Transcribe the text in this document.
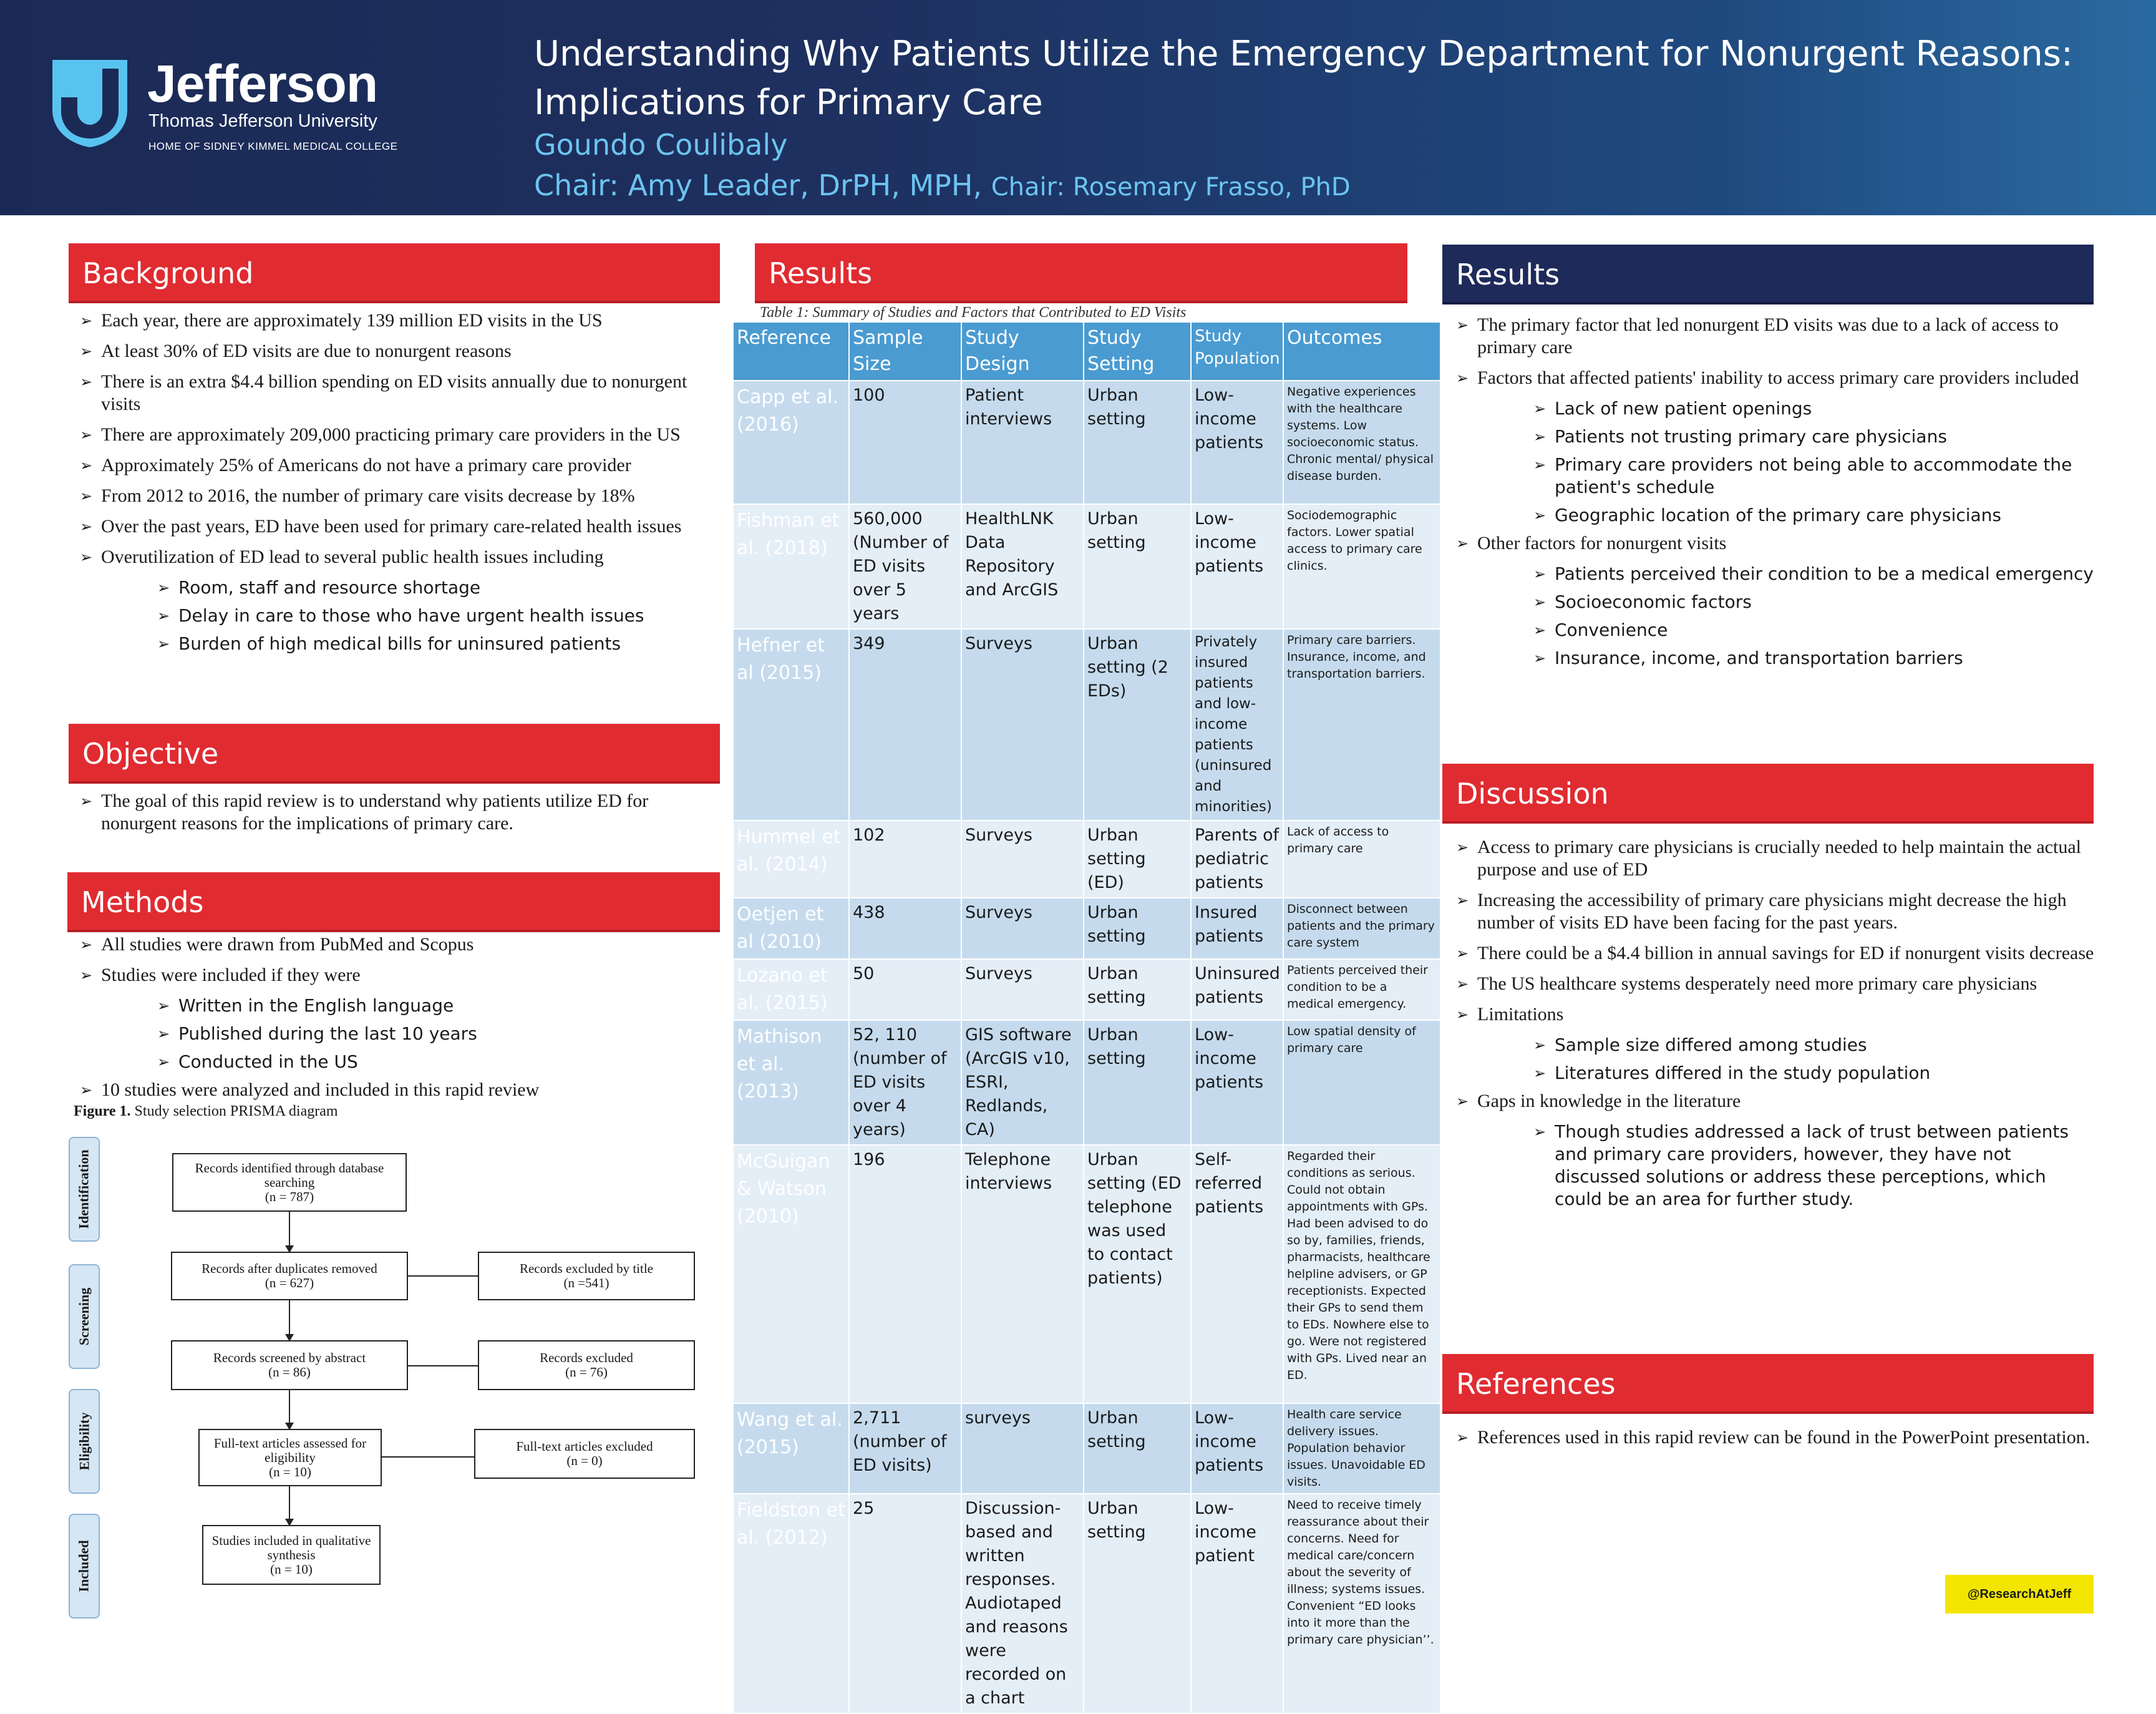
Jefferson
Thomas Jefferson University
HOME OF SIDNEY KIMMEL MEDICAL COLLEGE
Understanding Why Patients Utilize the Emergency Department for Nonurgent Reasons:
Implications for Primary Care
Goundo Coulibaly
Chair: Amy Leader, DrPH, MPH, Chair: Rosemary Frasso, PhD
Background
➢ Each year, there are approximately 139 million ED visits in the US
➢ At least 30% of ED visits are due to nonurgent reasons
➢ There is an extra $4.4 billion spending on ED visits annually due to nonurgent visits
➢ There are approximately 209,000 practicing primary care providers in the US
➢ Approximately 25% of Americans do not have a primary care provider
➢ From 2012 to 2016, the number of primary care visits decrease by 18%
➢ Over the past years, ED have been used for primary care-related health issues
➢ Overutilization of ED lead to several public health issues including
➢ Room, staff and resource shortage
➢ Delay in care to those who have urgent health issues
➢ Burden of high medical bills for uninsured patients
Objective
➢ The goal of this rapid review is to understand why patients utilize ED for nonurgent reasons for the implications of primary care.
Methods
➢ All studies were drawn from PubMed and Scopus
➢ Studies were included if they were
➢ Written in the English language
➢ Published during the last 10 years
➢ Conducted in the US
➢ 10 studies were analyzed and included in this rapid review
Figure 1. Study selection PRISMA diagram
Identification
Screening
Eligibility
Included
Records identified through database searching
(n = 787)
Records after duplicates removed
(n = 627)
Records excluded by title
(n =541)
Records screened by abstract
(n = 86)
Records excluded
(n = 76)
Full-text articles assessed for eligibility
(n = 10)
Full-text articles excluded
(n = 0)
Studies included in qualitative synthesis
(n = 10)
Results
Table 1: Summary of Studies and Factors that Contributed to ED Visits
Reference	Sample Size	Study Design	Study Setting	Study Population	Outcomes
Capp et al. (2016)	100	Patient interviews	Urban setting	Low-income patients	Negative experiences with the healthcare systems. Low socioeconomic status. Chronic mental/ physical disease burden.
Fishman et al. (2018)	560,000 (Number of ED visits over 5 years	HealthLNK Data Repository and ArcGIS	Urban setting	Low-income patients	Sociodemographic factors. Lower spatial access to primary care clinics.
Hefner et al (2015)	349	Surveys	Urban setting (2 EDs)	Privately insured patients and low-income patients (uninsured and minorities)	Primary care barriers. Insurance, income, and transportation barriers.
Hummel et al. (2014)	102	Surveys	Urban setting (ED)	Parents of pediatric patients	Lack of access to primary care
Oetjen et al (2010)	438	Surveys	Urban setting	Insured patients	Disconnect between patients and the primary care system
Lozano et al. (2015)	50	Surveys	Urban setting	Uninsured patients	Patients perceived their condition to be a medical emergency.
Mathison et al. (2013)	52, 110 (number of ED visits over 4 years)	GIS software (ArcGIS v10, ESRI, Redlands, CA)	Urban setting	Low-income patients	Low spatial density of primary care
McGuigan & Watson (2010)	196	Telephone interviews	Urban setting (ED telephone was used to contact patients)	Self-referred patients	Regarded their conditions as serious. Could not obtain appointments with GPs. Had been advised to do so by, families, friends, pharmacists, healthcare helpline advisers, or GP receptionists. Expected their GPs to send them to EDs. Nowhere else to go. Were not registered with GPs. Lived near an ED.
Wang et al. (2015)	2,711 (number of ED visits)	surveys	Urban setting	Low-income patients	Health care service delivery issues. Population behavior issues. Unavoidable ED visits.
Fieldston et al. (2012)	25	Discussion-based and written responses. Audiotaped and reasons were recorded on a chart	Urban setting	Low-income patient	Need to receive timely reassurance about their concerns. Need for medical care/concern about the severity of illness; systems issues. Convenient “ED looks into it more than the primary care physician’’.
Results
➢ The primary factor that led nonurgent ED visits was due to a lack of access to primary care
➢ Factors that affected patients' inability to access primary care providers included
➢ Lack of new patient openings
➢ Patients not trusting primary care physicians
➢ Primary care providers not being able to accommodate the patient's schedule
➢ Geographic location of the primary care physicians
➢ Other factors for nonurgent visits
➢ Patients perceived their condition to be a medical emergency
➢ Socioeconomic factors
➢ Convenience
➢ Insurance, income, and transportation barriers
Discussion
➢ Access to primary care physicians is crucially needed to help maintain the actual purpose and use of ED
➢ Increasing the accessibility of primary care physicians might decrease the high number of visits ED have been facing for the past years.
➢ There could be a $4.4 billion in annual savings for ED if nonurgent visits decrease
➢ The US healthcare systems desperately need more primary care physicians
➢ Limitations
➢ Sample size differed among studies
➢ Literatures differed in the study population
➢ Gaps in knowledge in the literature
➢ Though studies addressed a lack of trust between patients and primary care providers, however, they have not discussed solutions or address these perceptions, which could be an area for further study.
References
➢ References used in this rapid review can be found in the PowerPoint presentation.
@ResearchAtJeff
